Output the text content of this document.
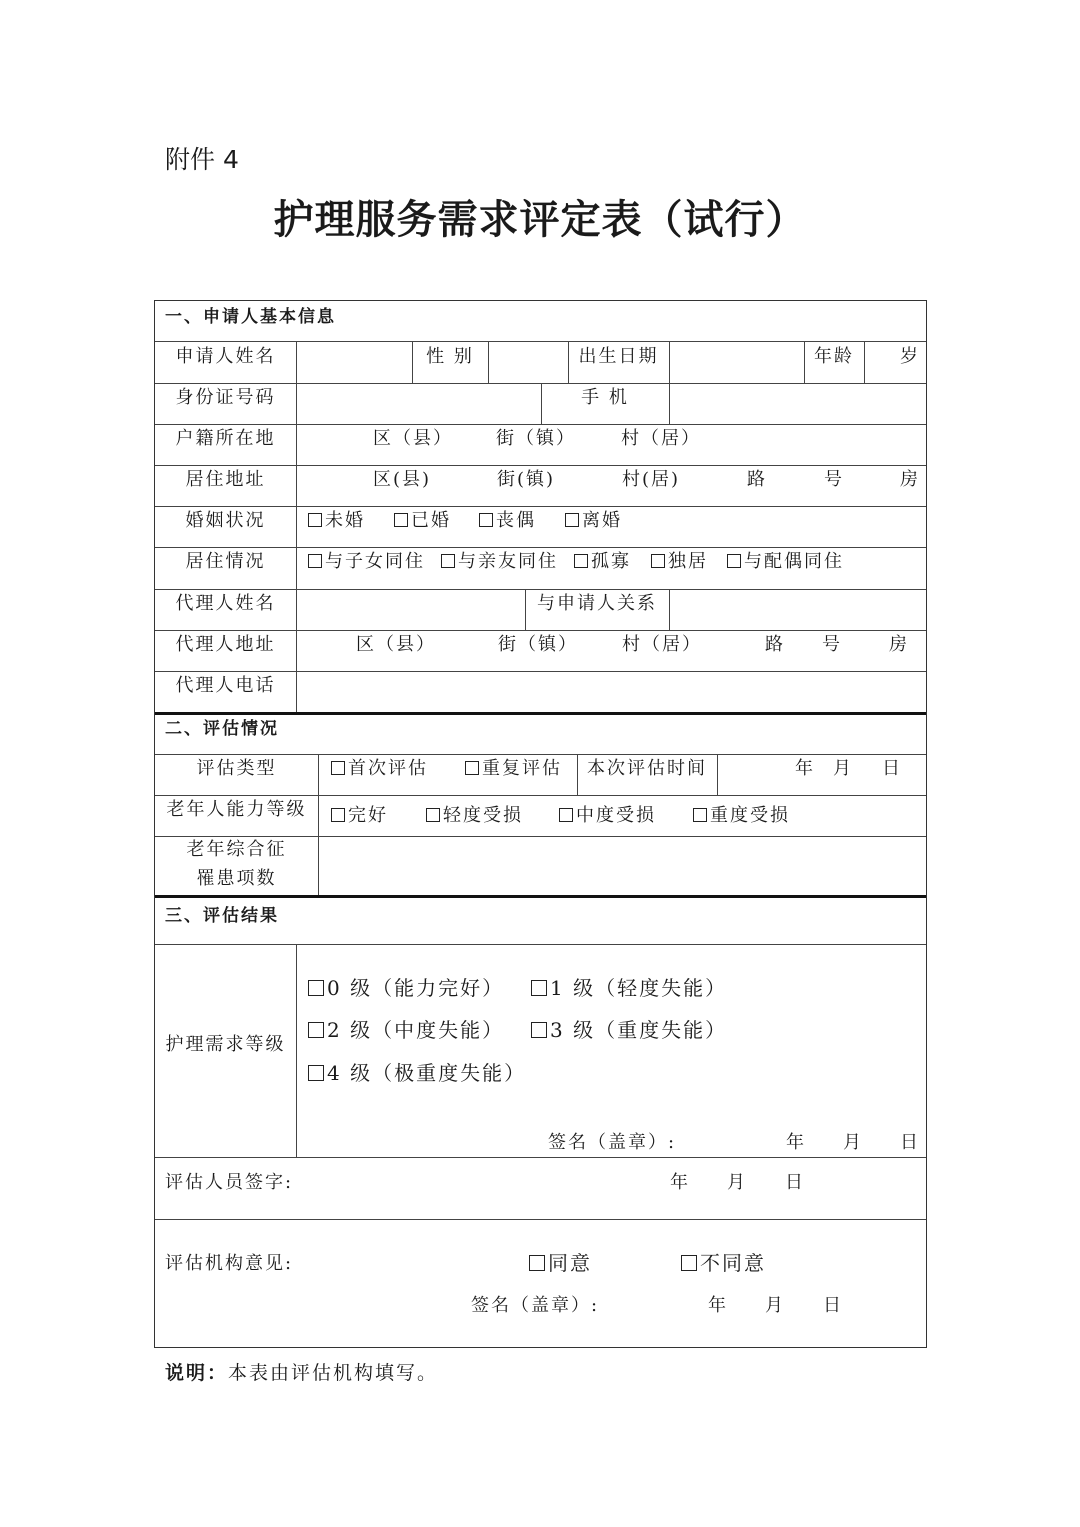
附件 4
护理服务需求评定表（试行）
一、申请人基本信息
申请人姓名	性 别	出生日期	年龄	岁
身份证号码	手 机
户籍所在地	区（县） 街（镇）	村（居）
居住地址	区(县)	街(镇)	村(居)	路	号	房
婚姻状况	未婚	已婚	丧偶	离婚
居住情况	与子女同住	与亲友同住	孤寡	独居	与配偶同住
代理人姓名	与申请人关系
代理人地址	区（县）	街（镇） 村（居）	路 号	房
代理人电话
二、评估情况
评估类型	首次评估	重复评估	本次评估时间	年 月 日
老年人能力等级	完好	轻度受损	中度受损	重度受损
老年综合征
罹患项数
三、评估结果
护理需求等级
0 级（能力完好）	1 级（轻度失能）
2 级（中度失能）	3 级（重度失能）
4 级（极重度失能）
签名（盖章）:	年 月 日
评估人员签字:	年 月 日
评估机构意见:	同意	不同意
签名（盖章）:	年 月 日
说明：本表由评估机构填写。
